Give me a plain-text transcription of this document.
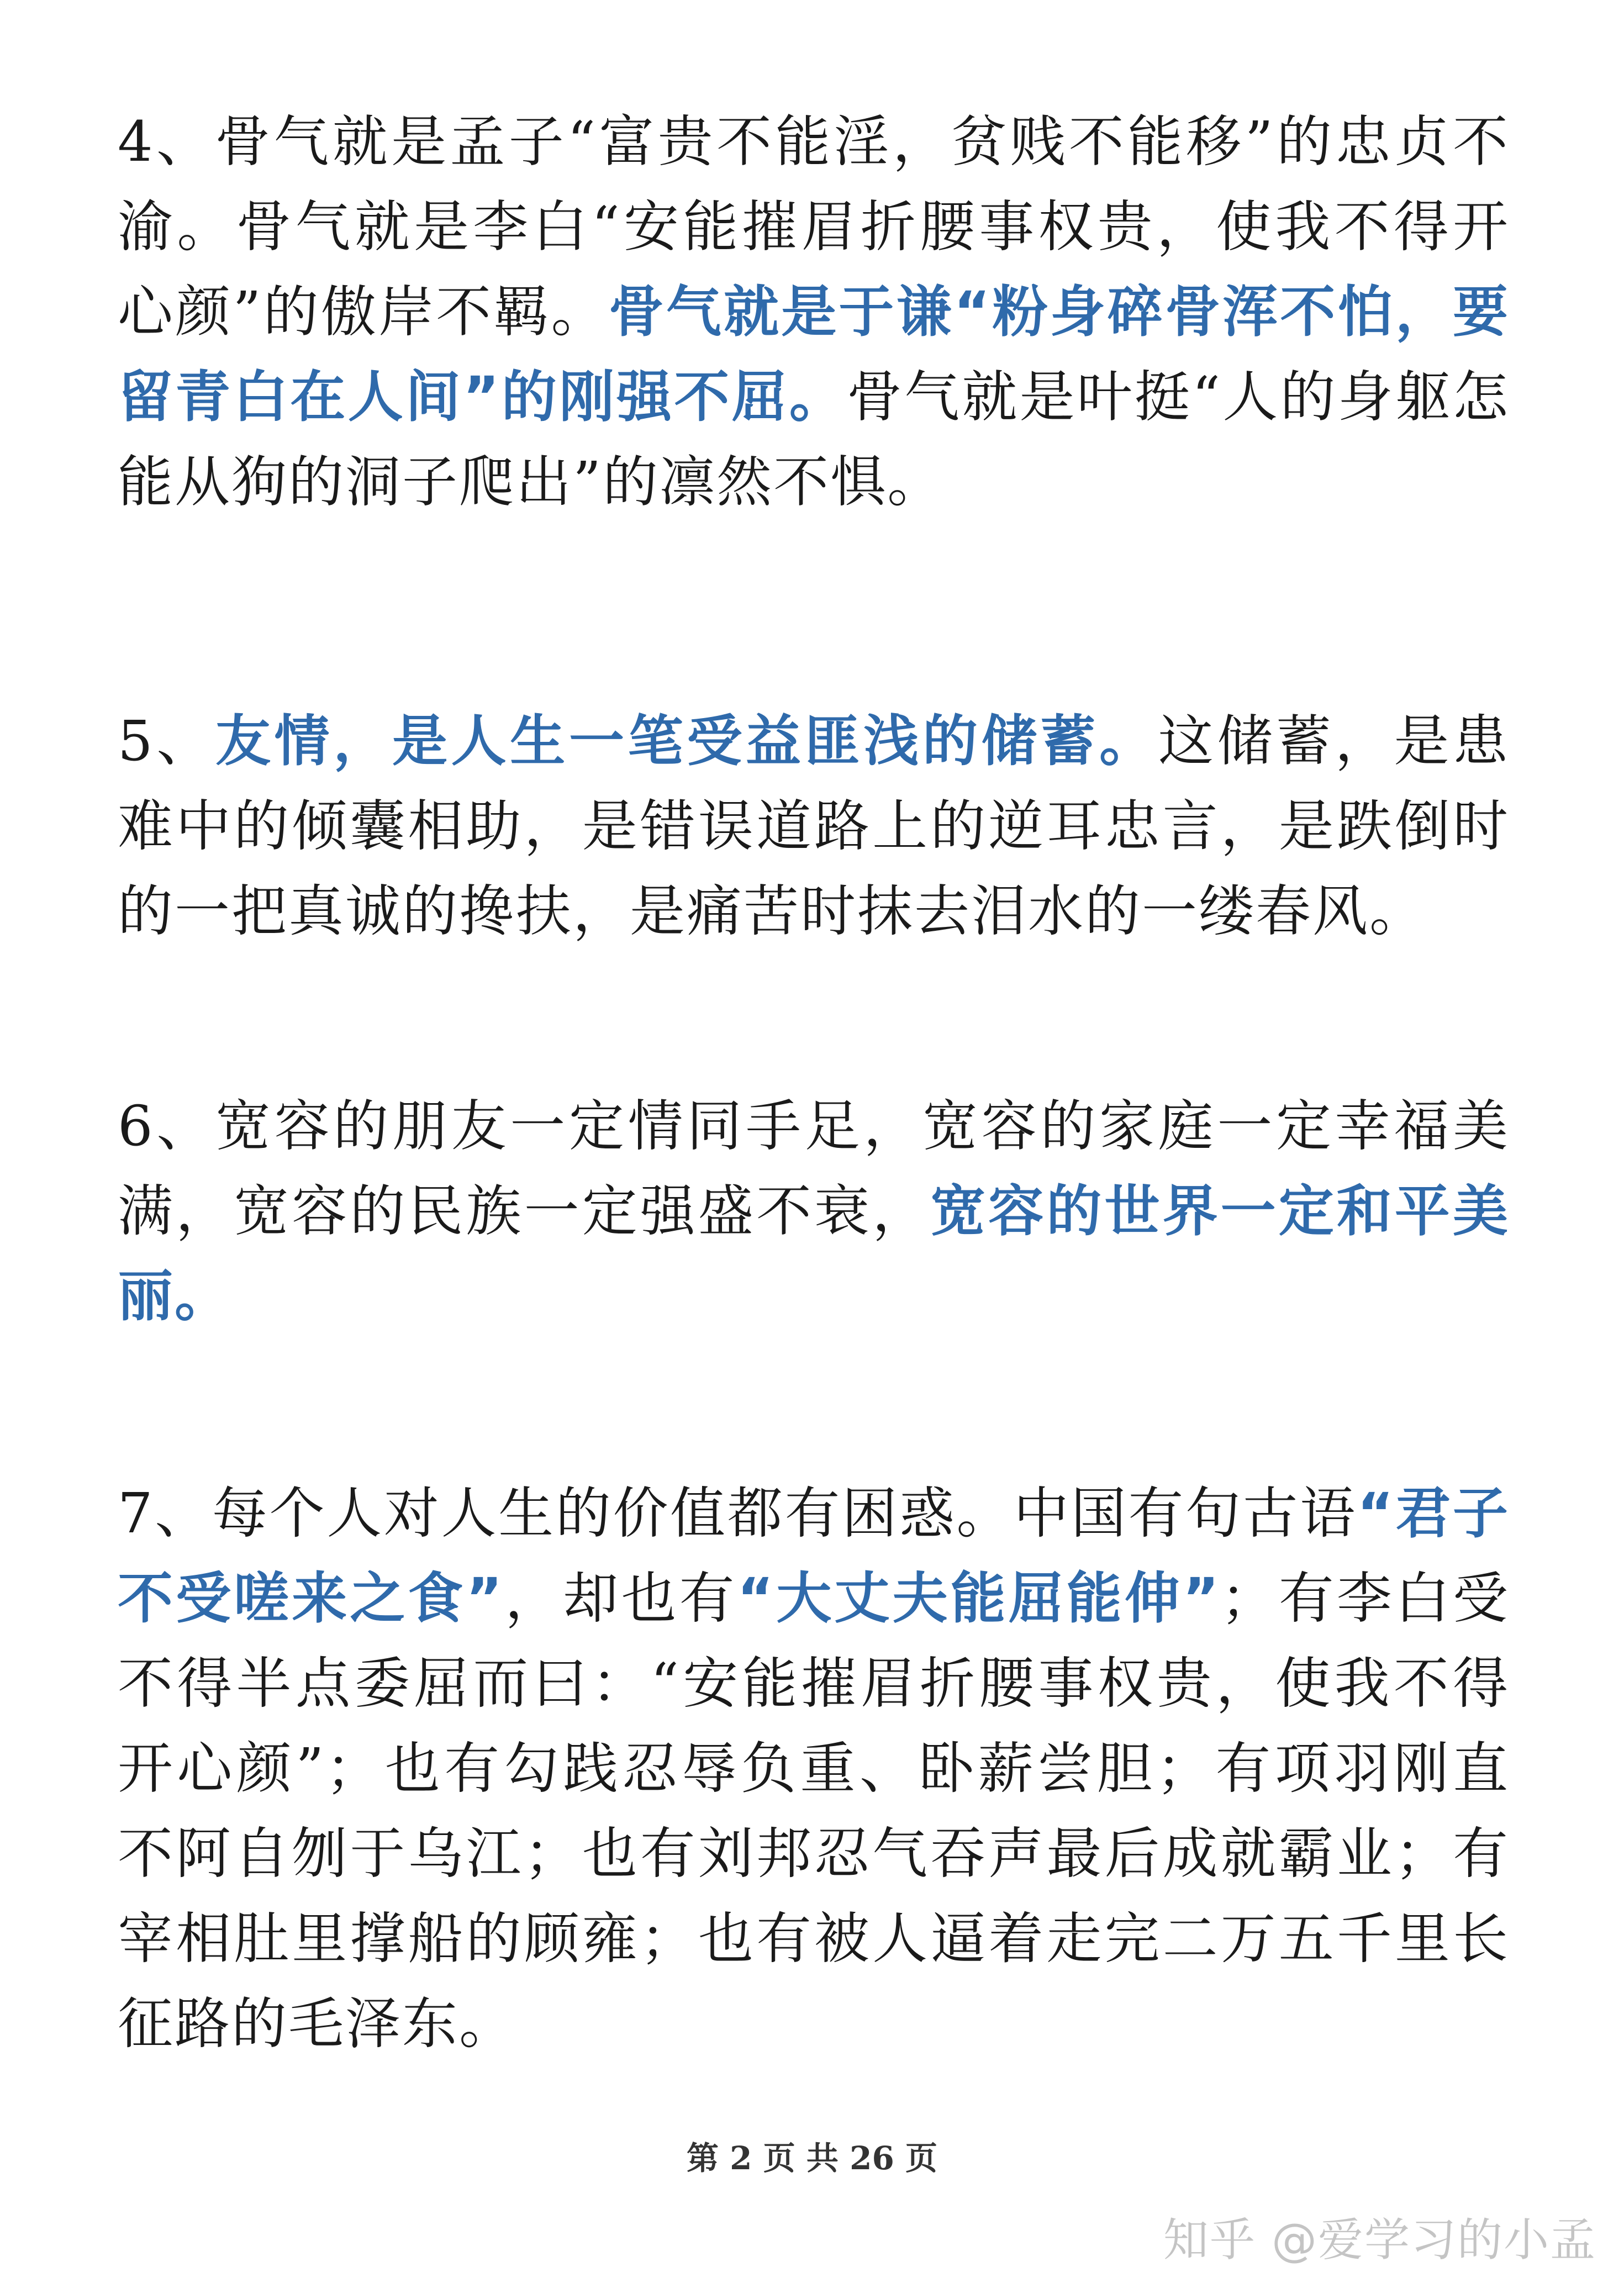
4、骨气就是孟子“富贵不能淫，贫贱不能移”的忠贞不渝。骨气就是李白“安能摧眉折腰事权贵，使我不得开心颜”的傲岸不羁。骨气就是于谦“粉身碎骨浑不怕，要留青白在人间”的刚强不屈。骨气就是叶挺“人的身躯怎能从狗的洞子爬出”的凛然不惧。

5、友情，是人生一笔受益匪浅的储蓄。这储蓄，是患难中的倾囊相助，是错误道路上的逆耳忠言，是跌倒时的一把真诚的搀扶，是痛苦时抹去泪水的一缕春风。

6、宽容的朋友一定情同手足，宽容的家庭一定幸福美满，宽容的民族一定强盛不衰，宽容的世界一定和平美丽。

7、每个人对人生的价值都有困惑。中国有句古语“君子不受嗟来之食”，却也有“大丈夫能屈能伸”；有李白受不得半点委屈而曰：“安能摧眉折腰事权贵，使我不得开心颜”；也有勾践忍辱负重、卧薪尝胆；有项羽刚直不阿自刎于乌江；也有刘邦忍气吞声最后成就霸业；有宰相肚里撑船的顾雍；也有被人逼着走完二万五千里长征路的毛泽东。

第 2 页 共 26 页
知乎 @爱学习的小孟
